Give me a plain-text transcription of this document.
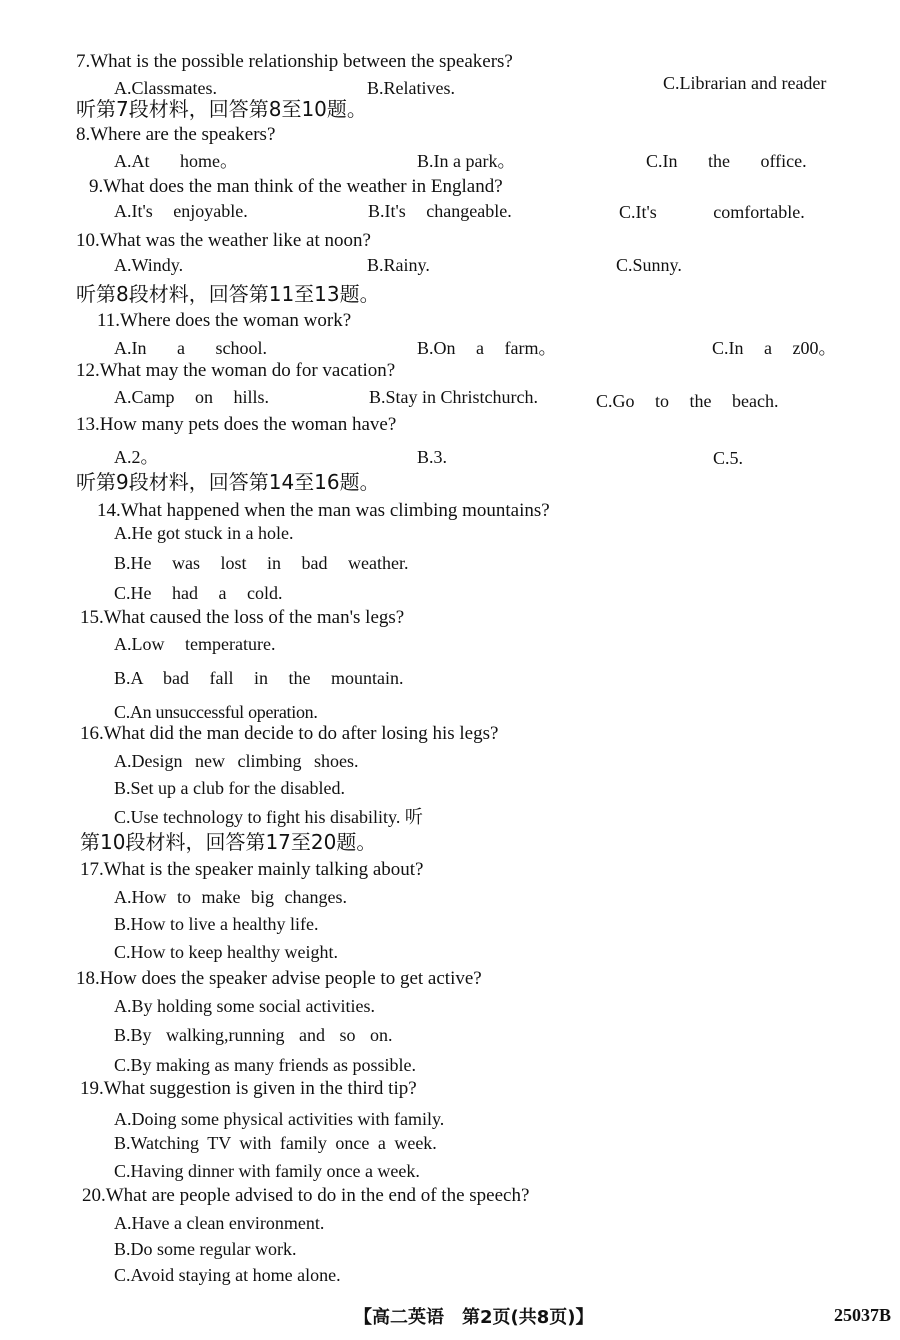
7.What is the possible relationship between the speakers?
A.Classmates.	B.Relatives.	C.Librarian and reader
听第7段材料，回答第8至10题。
8.Where are the speakers?
A.At home。	B.In a park。	C.In the office.
9.What does the man think of the weather in England?
A.It's enjoyable.	B.It's changeable.	C.It's comfortable.
10.What was the weather like at noon?
A.Windy.	B.Rainy.	C.Sunny.
听第8段材料，回答第11至13题。
11.Where does the woman work?
A.In a school.	B.On a farm。	C.In a z00。
12.What may the woman do for vacation?
A.Camp on hills.	B.Stay in Christchurch.	C.Go to the beach.
13.How many pets does the woman have?
A.2。	B.3.	C.5.
听第9段材料，回答第14至16题。
14.What happened when the man was climbing mountains?
A.He got stuck in a hole.
B.He was lost in bad weather.
C.He had a cold.
15.What caused the loss of the man's legs?
A.Low temperature.
B.A bad fall in the mountain.
C.An unsuccessful operation.
16.What did the man decide to do after losing his legs?
A.Design new climbing shoes.
B.Set up a club for the disabled.
C.Use technology to fight his disability. 听
第10段材料，回答第17至20题。
17.What is the speaker mainly talking about?
A.How to make big changes.
B.How to live a healthy life.
C.How to keep healthy weight.
18.How does the speaker advise people to get active?
A.By holding some social activities.
B.By walking,running and so on.
C.By making as many friends as possible.
19.What suggestion is given in the third tip?
A.Doing some physical activities with family.
B.Watching TV with family once a week.
C.Having dinner with family once a week.
20.What are people advised to do in the end of the speech?
A.Have a clean environment.
B.Do some regular work.
C.Avoid staying at home alone.
【高二英语　第2页(共8页)】	25037B
